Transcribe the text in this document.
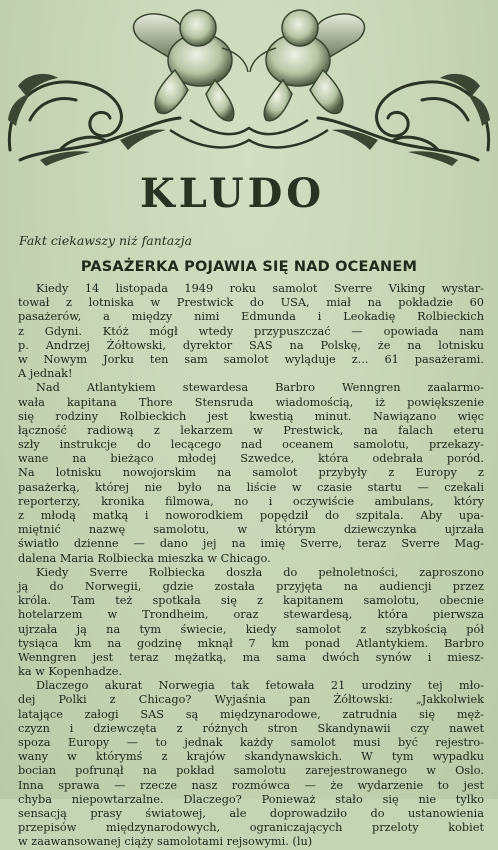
KLUDO
Fakt ciekawszy niż fantazja
PASAŻERKA POJAWIA SIĘ NAD OCEANEM
Kiedy 14 listopada 1949 roku samolot Sverre Viking wystar-
tował z lotniska w Prestwick do USA, miał na pokładzie 60
pasażerów, a między nimi Edmunda i Leokadię Rolbieckich
z Gdyni. Któż mógł wtedy przypuszczać — opowiada nam
p. Andrzej Żółtowski, dyrektor SAS na Polskę, że na lotnisku
w Nowym Jorku ten sam samolot wyląduje z... 61 pasażerami.
A jednak!
Nad Atlantykiem stewardesa Barbro Wenngren zaalarmo-
wała kapitana Thore Stensruda wiadomością, iż powiększenie
się rodziny Rolbieckich jest kwestią minut. Nawiązano więc
łączność radiową z lekarzem w Prestwick, na falach eteru
szły instrukcje do lecącego nad oceanem samolotu, przekazy-
wane na bieżąco młodej Szwedce, która odebrała poród.
Na lotnisku nowojorskim na samolot przybyły z Europy z
pasażerką, której nie było na liście w czasie startu — czekali
reporterzy, kronika filmowa, no i oczywiście ambulans, który
z młodą matką i noworodkiem popędził do szpitala. Aby upa-
miętnić nazwę samolotu, w którym dziewczynka ujrzała
światło dzienne — dano jej na imię Sverre, teraz Sverre Mag-
dalena Maria Rolbiecka mieszka w Chicago.
Kiedy Sverre Rolbiecka doszła do pełnoletności, zaproszono
ją do Norwegii, gdzie została przyjęta na audiencji przez
króla. Tam też spotkała się z kapitanem samolotu, obecnie
hotelarzem w Trondheim, oraz stewardesą, która pierwsza
ujrzała ją na tym świecie, kiedy samolot z szybkością pół
tysiąca km na godzinę mknął 7 km ponad Atlantykiem. Barbro
Wenngren jest teraz mężatką, ma sama dwóch synów i miesz-
ka w Kopenhadze.
Dlaczego akurat Norwegia tak fetowała 21 urodziny tej mło-
dej Polki z Chicago? Wyjaśnia pan Żółtowski: „Jakkolwiek
latające załogi SAS są międzynarodowe, zatrudnia się męż-
czyzn i dziewczęta z różnych stron Skandynawii czy nawet
spoza Europy — to jednak każdy samolot musi być rejestro-
wany w którymś z krajów skandynawskich. W tym wypadku
bocian pofrunął na pokład samolotu zarejestrowanego w Oslo.
Inna sprawa — rzecze nasz rozmówca — że wydarzenie to jest
chyba niepowtarzalne. Dlaczego? Ponieważ stało się nie tylko
sensacją prasy światowej, ale doprowadziło do ustanowienia
przepisów międzynarodowych, ograniczających przeloty kobiet
w zaawansowanej ciąży samolotami rejsowymi. (lu)
